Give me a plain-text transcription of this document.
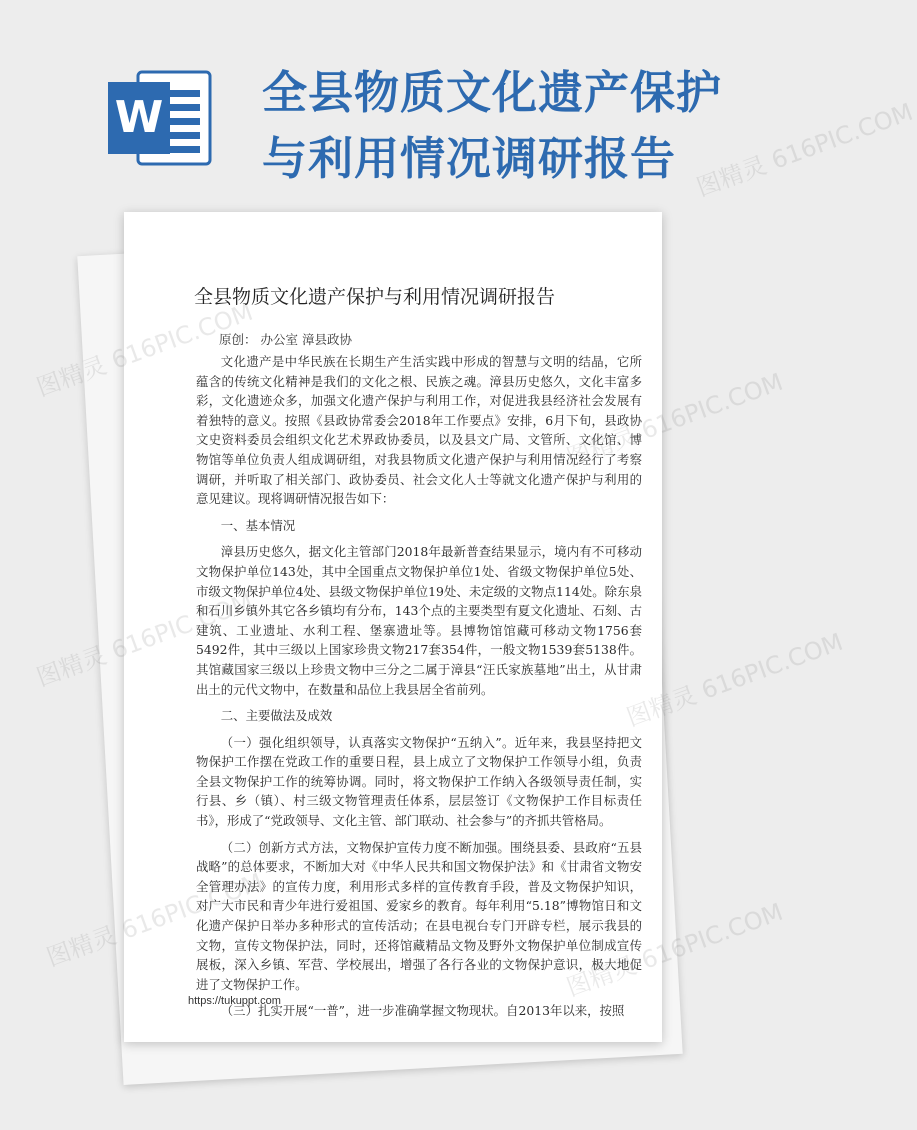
W 全县物质文化遗产保护与利用情况调研报告
全县物质文化遗产保护与利用情况调研报告
原创： 办公室 漳县政协

文化遗产是中华民族在长期生产生活实践中形成的智慧与文明的结晶，它所蕴含的传统文化精神是我们的文化之根、民族之魂。漳县历史悠久，文化丰富多彩，文化遗迹众多，加强文化遗产保护与利用工作，对促进我县经济社会发展有着独特的意义。按照《县政协常委会2018年工作要点》安排，6月下旬，县政协文史资料委员会组织文化艺术界政协委员，以及县文广局、文管所、文化馆、博物馆等单位负责人组成调研组，对我县物质文化遗产保护与利用情况经行了考察调研，并听取了相关部门、政协委员、社会文化人士等就文化遗产保护与利用的意见建议。现将调研情况报告如下：

一、基本情况

漳县历史悠久，据文化主管部门2018年最新普查结果显示，境内有不可移动文物保护单位143处，其中全国重点文物保护单位1处、省级文物保护单位5处、市级文物保护单位4处、县级文物保护单位19处、未定级的文物点114处。除东泉和石川乡镇外其它各乡镇均有分布，143个点的主要类型有夏文化遗址、石刻、古建筑、工业遗址、水利工程、堡寨遗址等。县博物馆馆藏可移动文物1756套5492件，其中三级以上国家珍贵文物217套354件，一般文物1539套5138件。其馆藏国家三级以上珍贵文物中三分之二属于漳县“汪氏家族墓地”出土，从甘肃出土的元代文物中，在数量和品位上我县居全省前列。

二、主要做法及成效

（一）强化组织领导，认真落实文物保护“五纳入”。近年来，我县坚持把文物保护工作摆在党政工作的重要日程，县上成立了文物保护工作领导小组，负责全县文物保护工作的统筹协调。同时，将文物保护工作纳入各级领导责任制，实行县、乡（镇）、村三级文物管理责任体系，层层签订《文物保护工作目标责任书》，形成了“党政领导、文化主管、部门联动、社会参与”的齐抓共管格局。

（二）创新方式方法，文物保护宣传力度不断加强。围绕县委、县政府“五县战略”的总体要求，不断加大对《中华人民共和国文物保护法》和《甘肃省文物安全管理办法》的宣传力度，利用形式多样的宣传教育手段，普及文物保护知识，对广大市民和青少年进行爱祖国、爱家乡的教育。每年利用“5.18”博物馆日和文化遗产保护日举办多种形式的宣传活动；在县电视台专门开辟专栏，展示我县的文物，宣传文物保护法，同时，还将馆藏精品文物及野外文物保护单位制成宣传展板，深入乡镇、军营、学校展出，增强了各行各业的文物保护意识，极大地促进了文物保护工作。

（三）扎实开展“一普”，进一步准确掌握文物现状。自2013年以来，按照

https://tukuppt.com
图精灵 616PIC.COM
图精灵	图精灵 616PIC.COM
图精灵	图精灵 616PIC.COM
图精灵	616PIC.COM
